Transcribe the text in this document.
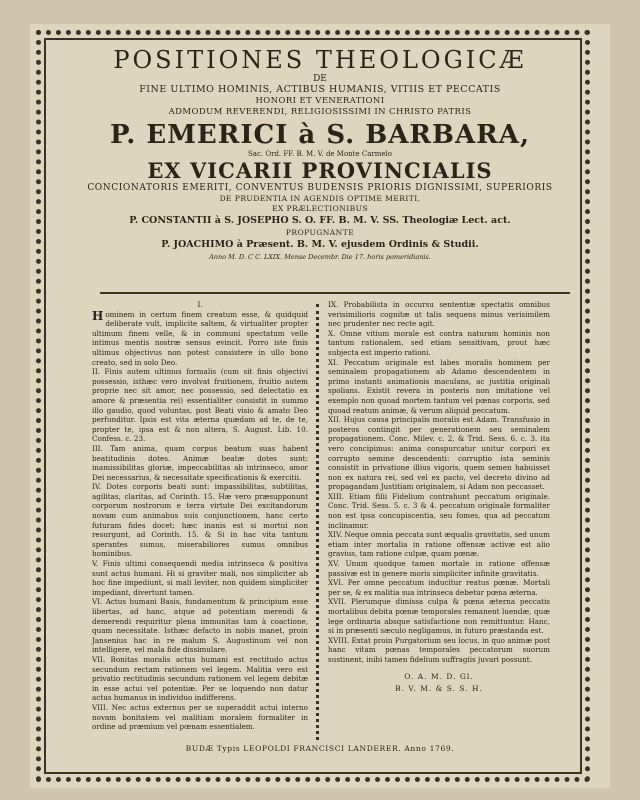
POSITIONES THEOLOGICÆ
DE
FINE ULTIMO HOMINIS, ACTIBUS HUMANIS, VITIIS ET PECCATIS
HONORI ET VENERATIONI
ADMODUM REVERENDI, RELIGIOSISSIMI IN CHRISTO PATRIS
P. EMERICI à S. BARBARA,
Sac. Ord. FF. B. M. V. de Monte Carmelo
EX VICARII PROVINCIALIS
CONCIONATORIS EMERITI, CONVENTUS BUDENSIS PRIORIS DIGNISSIMI, SUPERIORIS
DE PRUDENTIA IN AGENDIS OPTIME MERITI,
EX PRÆLECTIONIBUS
P. CONSTANTII à S. JOSEPHO S. O. FF. B. M. V. SS. Theologiæ Lect. act.
PROPUGNANTE
P. JOACHIMO à Præsent. B. M. V. ejusdem Ordinis & Studii.
Anno M. D. C C. LXIX. Mense Decembr. Die 17. horis pomeridianis.

I.

Hominem in certum finem creatum esse, & quidquid deliberate vult, implicite saltem, & virtualiter propter ultimum finem velle, & in communi spectatum velle intimus mentis nostræ sensus evincit. Porro iste finis ultimus objectivus non potest consistere in ullo bono creato, sed in solo Deo.

II. Finis autem ultimus formalis (cum sit finis objectivi possessio, isthæc vero involvat fruitionem, fruitio autem proprie nec sit amor, nec possessio, sed delectatio ex amore & præsentia rei) essentialiter consistit in summo illo gaudio, quod voluntas, post Beati visio & amato Deo perfunditur. Ipsis est vita æterna quædam ad te, de te, propter te, ipsa est & non altera, S. August. Lib. 10. Confess. c. 23.

III. Tam anima, quam corpus beatum suas habent beatitudinis dotes. Animæ beatæ dotes sunt: inamissibilitas gloriæ, impeccabilitas ab intrinseco, amor Dei necessarius, & necessitate specificationis & exercitii.

IV. Dotes corporis beati sunt: impassibilitas, subtilitas, agilitas, claritas, ad Corinth. 15. Hæ vero præsupponunt corporum nostrorum e terra virtute Dei excitandorum novam cum animabus suis conjunctionem, hanc certo futuram fides docet: hæc inanis est si mortui non resurgunt, ad Corinth. 15. & Si in hac vita tantum sperantes sumus, miserabiliores sumus omnibus hominibus.

V. Finis ultimi consequendi media intrinseca & positiva sunt actus humani. Hi si graviter mali, nos simpliciter ab hoc fine impediunt, si mali leviter, non quidem simpliciter impediant, divertunt tamen.

VI. Actus humani Basis, fundamentum & principium esse libertas, ad hanc, atque ad potentiam merendi & demerendi requiritur plena immunitas tam à coactione, quam necessitate. Isthæc defacto in nobis manet, proin Jansenius hac in re malum S. Augustinum vel non intelligere, vel mala fide dissimulare.

VII. Bonitas moralis actus humani est rectitudo actus secundum rectam rationem vel legem. Malitia vero est privatio rectitudinis secundum rationem vel legem debitæ in esse actui vel potentiæ. Per se loquendo non datur actus humanus in individuo indifferens.

VIII. Nec actus externus per se superaddit actui interno novam bonitatem vel malitiam moralem formaliter in ordine ad præmium vel pœnam essentialem.

IX. Probabilista in occursu sententiæ spectatis omnibus verisimilioris cognitæ ut talis sequens minus verisimilem nec prudenter nec recte agit.

X. Omne vitium morale est contra naturam hominis non tantum rationalem, sed etiam sensitivam, prout hæc subjecta est imperio rationi.

XI. Peccatum originale est labes moralis hominem per seminalem propagationem ab Adamo descendentem in primo instanti animationis maculans, ac justitia originali spolians. Existit revera in posteris non imitatione vel exemplo non quoad mortem tantum vel pœnas corporis, sed quoad reatum animæ, & verum aliquid peccatum.

XII. Hujus causa principalis moralis est Adam. Transfusio in posteros contingit per generationem seu seminalem propagationem. Conc. Milev. c. 2, & Trid. Sess. 6. c. 3. ita vero concipimus: anima conspurcatur unitur corpori ex corrupto semine descendenti: corruptio ista seminis consistit in privatione illius vigoris, quem semen habuisset non ex natura rei, sed vel ex pacto, vel decreto divino ad propagandam Justitiam originalem, si Adam non peccasset.

XIII. Etiam filii Fidelium contrahunt peccatum originale. Conc. Trid. Sess. 5. c. 3 & 4. peccatum originale formaliter non est ipsa concupiscentia, seu fomes, qua ad peccatum inclinamur.

XIV. Neque omnia peccata sunt æqualis gravitatis, sed unum etiam inter mortalia in ratione offensæ activæ est alio gravius, tam ratione culpæ, quam pœnæ.

XV. Unum quodque tamen mortale in ratione offensæ passivæ est in genere moris simpliciter infinite gravitatis.

XVI. Per omne peccatum inducitur reatus pœnæ. Mortali per se, & ex malitia sua intrinseca debetur pœna æterna.

XVII. Plerumque dimissa culpa & pœna æterna peccatis mortalibus debita pœnæ temporales remanent luendæ, quæ lege ordinaria absque satisfactione non remittuntur. Hanc, si in præsenti sæculo negligamus, in futuro præstanda est.

XVIII. Extat proin Purgatorium seu locus, in quo animæ post hanc vitam pœnas temporales peccatorum suorum sustinent, inibi tamen fidelium suffragiis juvari possunt.

O. A. M. D. Gl.
B. V. M. & S. S. H.
BUDÆ Typis LEOPOLDI FRANCISCI LANDERER. Anno 1769.
